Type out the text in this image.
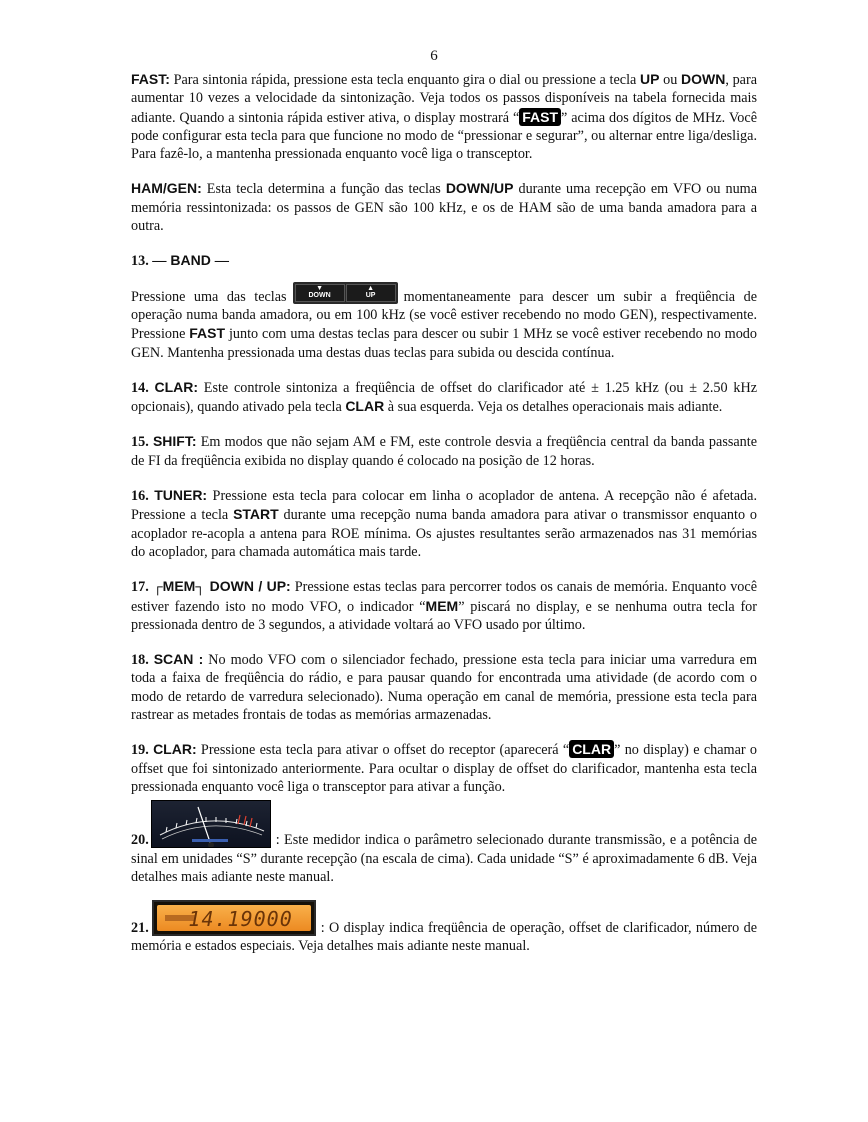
6

FAST: Para sintonia rápida, pressione esta tecla enquanto gira o dial ou pressione a tecla UP ou DOWN, para aumentar 10 vezes a velocidade da sintonização. Veja todos os passos disponíveis na tabela fornecida mais adiante. Quando a sintonia rápida estiver ativa, o display mostrará “ FAST ” acima dos dígitos de MHz. Você pode configurar esta tecla para que funcione no modo de “pressionar e segurar”, ou alternar entre liga/desliga. Para fazê-lo, a mantenha pressionada enquanto você liga o transceptor.

HAM/GEN: Esta tecla determina a função das teclas DOWN/UP durante uma recepção em VFO ou numa memória ressintonizada: os passos de GEN são 100 kHz, e os de HAM são de uma banda amadora para a outra.

13. — BAND —

Pressione uma das teclas
▼
DOWN
▲
UP	momentaneamente para descer um subir a freqüência de operação numa banda amadora, ou em 100 kHz (se você estiver recebendo no modo GEN), respectivamente. Pressione FAST junto com uma destas teclas para descer ou subir 1 MHz se você estiver recebendo no modo GEN. Mantenha pressionada uma destas duas teclas para subida ou descida contínua.

14. CLAR: Este controle sintoniza a freqüência de offset do clarificador até ± 1.25 kHz (ou ± 2.50 kHz opcionais), quando ativado pela tecla CLAR à sua esquerda. Veja os detalhes operacionais mais adiante.

15. SHIFT: Em modos que não sejam AM e FM, este controle desvia a freqüência central da banda passante de FI da freqüência exibida no display quando é colocado na posição de 12 horas.

16. TUNER: Pressione esta tecla para colocar em linha o acoplador de antena. A recepção não é afetada. Pressione a tecla START durante uma recepção numa banda amadora para ativar o transmissor enquanto o acoplador re-acopla a antena para ROE mínima. Os ajustes resultantes serão armazenados nas 31 memórias do acoplador, para chamada automática mais tarde.

17. ┌MEM┐ DOWN / UP: Pressione estas teclas para percorrer todos os canais de memória. Enquanto você estiver fazendo isto no modo VFO, o indicador “MEM” piscará no display, e se nenhuma outra tecla for pressionada dentro de 3 segundos, a atividade voltará ao VFO usado por último.

18. SCAN : No modo VFO com o silenciador fechado, pressione esta tecla para iniciar uma varredura em toda a faixa de freqüência do rádio, e para pausar quando for encontrada uma atividade (de acordo com o modo de retardo de varredura selecionado). Numa operação em canal de memória, pressione esta tecla para rastrear as metades frontais de todas as memórias armazenadas.

19. CLAR: Pressione esta tecla para ativar o offset do receptor (aparecerá “ CLAR ” no display) e chamar o offset que foi sintonizado anteriormente. Para ocultar o display de offset do clarificador, mantenha esta tecla pressionada enquanto você liga o transceptor para ativar a função.

20.	: Este medidor indica o parâmetro selecionado durante transmissão, e a potência de sinal em unidades “S” durante recepção (na escala de cima). Cada unidade “S” é aproximadamente 6 dB. Veja detalhes mais adiante neste manual.

21. 14.19000 : O display indica freqüência de operação, offset de clarificador, número de memória e estados especiais. Veja detalhes mais adiante neste manual.
